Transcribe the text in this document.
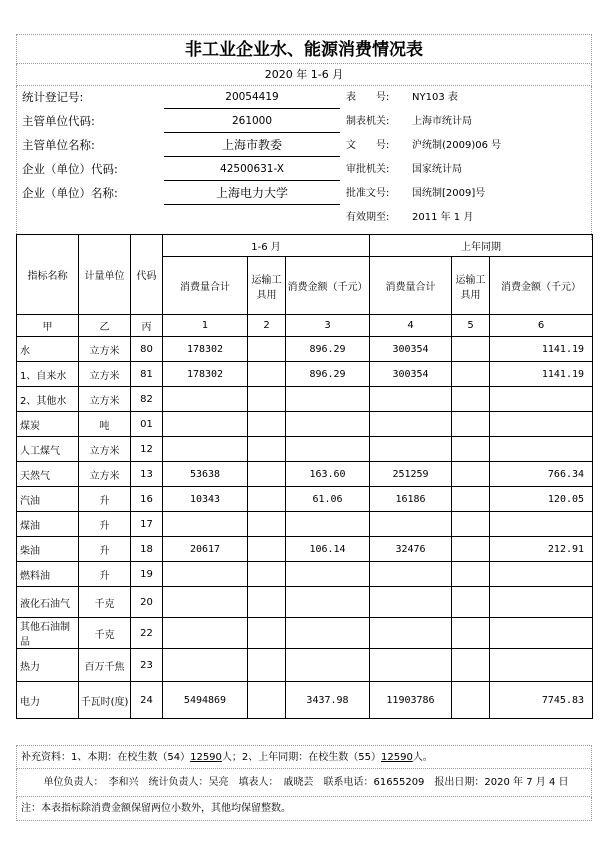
非工业企业水、能源消费情况表
2020 年 1-6 月
统计登记号:	20054419	表　　号:	NY103 表
主管单位代码:	261000	制表机关:	上海市统计局
主管单位名称:	上海市教委	文　　号:	沪统制(2009)06 号
企业（单位）代码:	42500631-X	审批机关:	国家统计局
企业（单位）名称:	上海电力大学	批准文号:	国统制[2009]号
有效期至:	2011 年 1 月
指标名称	计量单位	代码	1-6 月			上年同期		
			消费量合计	运输工具用	消费金额（千元）	消费量合计	运输工具用	消费金额（千元）
甲	乙	丙	1	2	3	4	5	6
水	立方米	80	178302		896.29	300354		1141.19
1、自来水	立方米	81	178302		896.29	300354		1141.19
2、其他水	立方米	82						
煤炭	吨	01						
人工煤气	立方米	12						
天然气	立方米	13	53638		163.60	251259		766.34
汽油	升	16	10343		61.06	16186		120.05
煤油	升	17						
柴油	升	18	20617		106.14	32476		212.91
燃料油	升	19						
液化石油气	千克	20						
其他石油制品	千克	22						
热力	百万千焦	23						
电力	千瓦时(度)	24	5494869		3437.98	11903786		7745.83
补充资料：1、本期：在校生数（54）12590人；2、上年同期：在校生数（55）12590人。
单位负责人：　李和兴　统计负责人：吴亮　填表人：　戚晓芸　联系电话：61655209　报出日期：2020 年 7 月 4 日
注：本表指标除消费金额保留两位小数外，其他均保留整数。
